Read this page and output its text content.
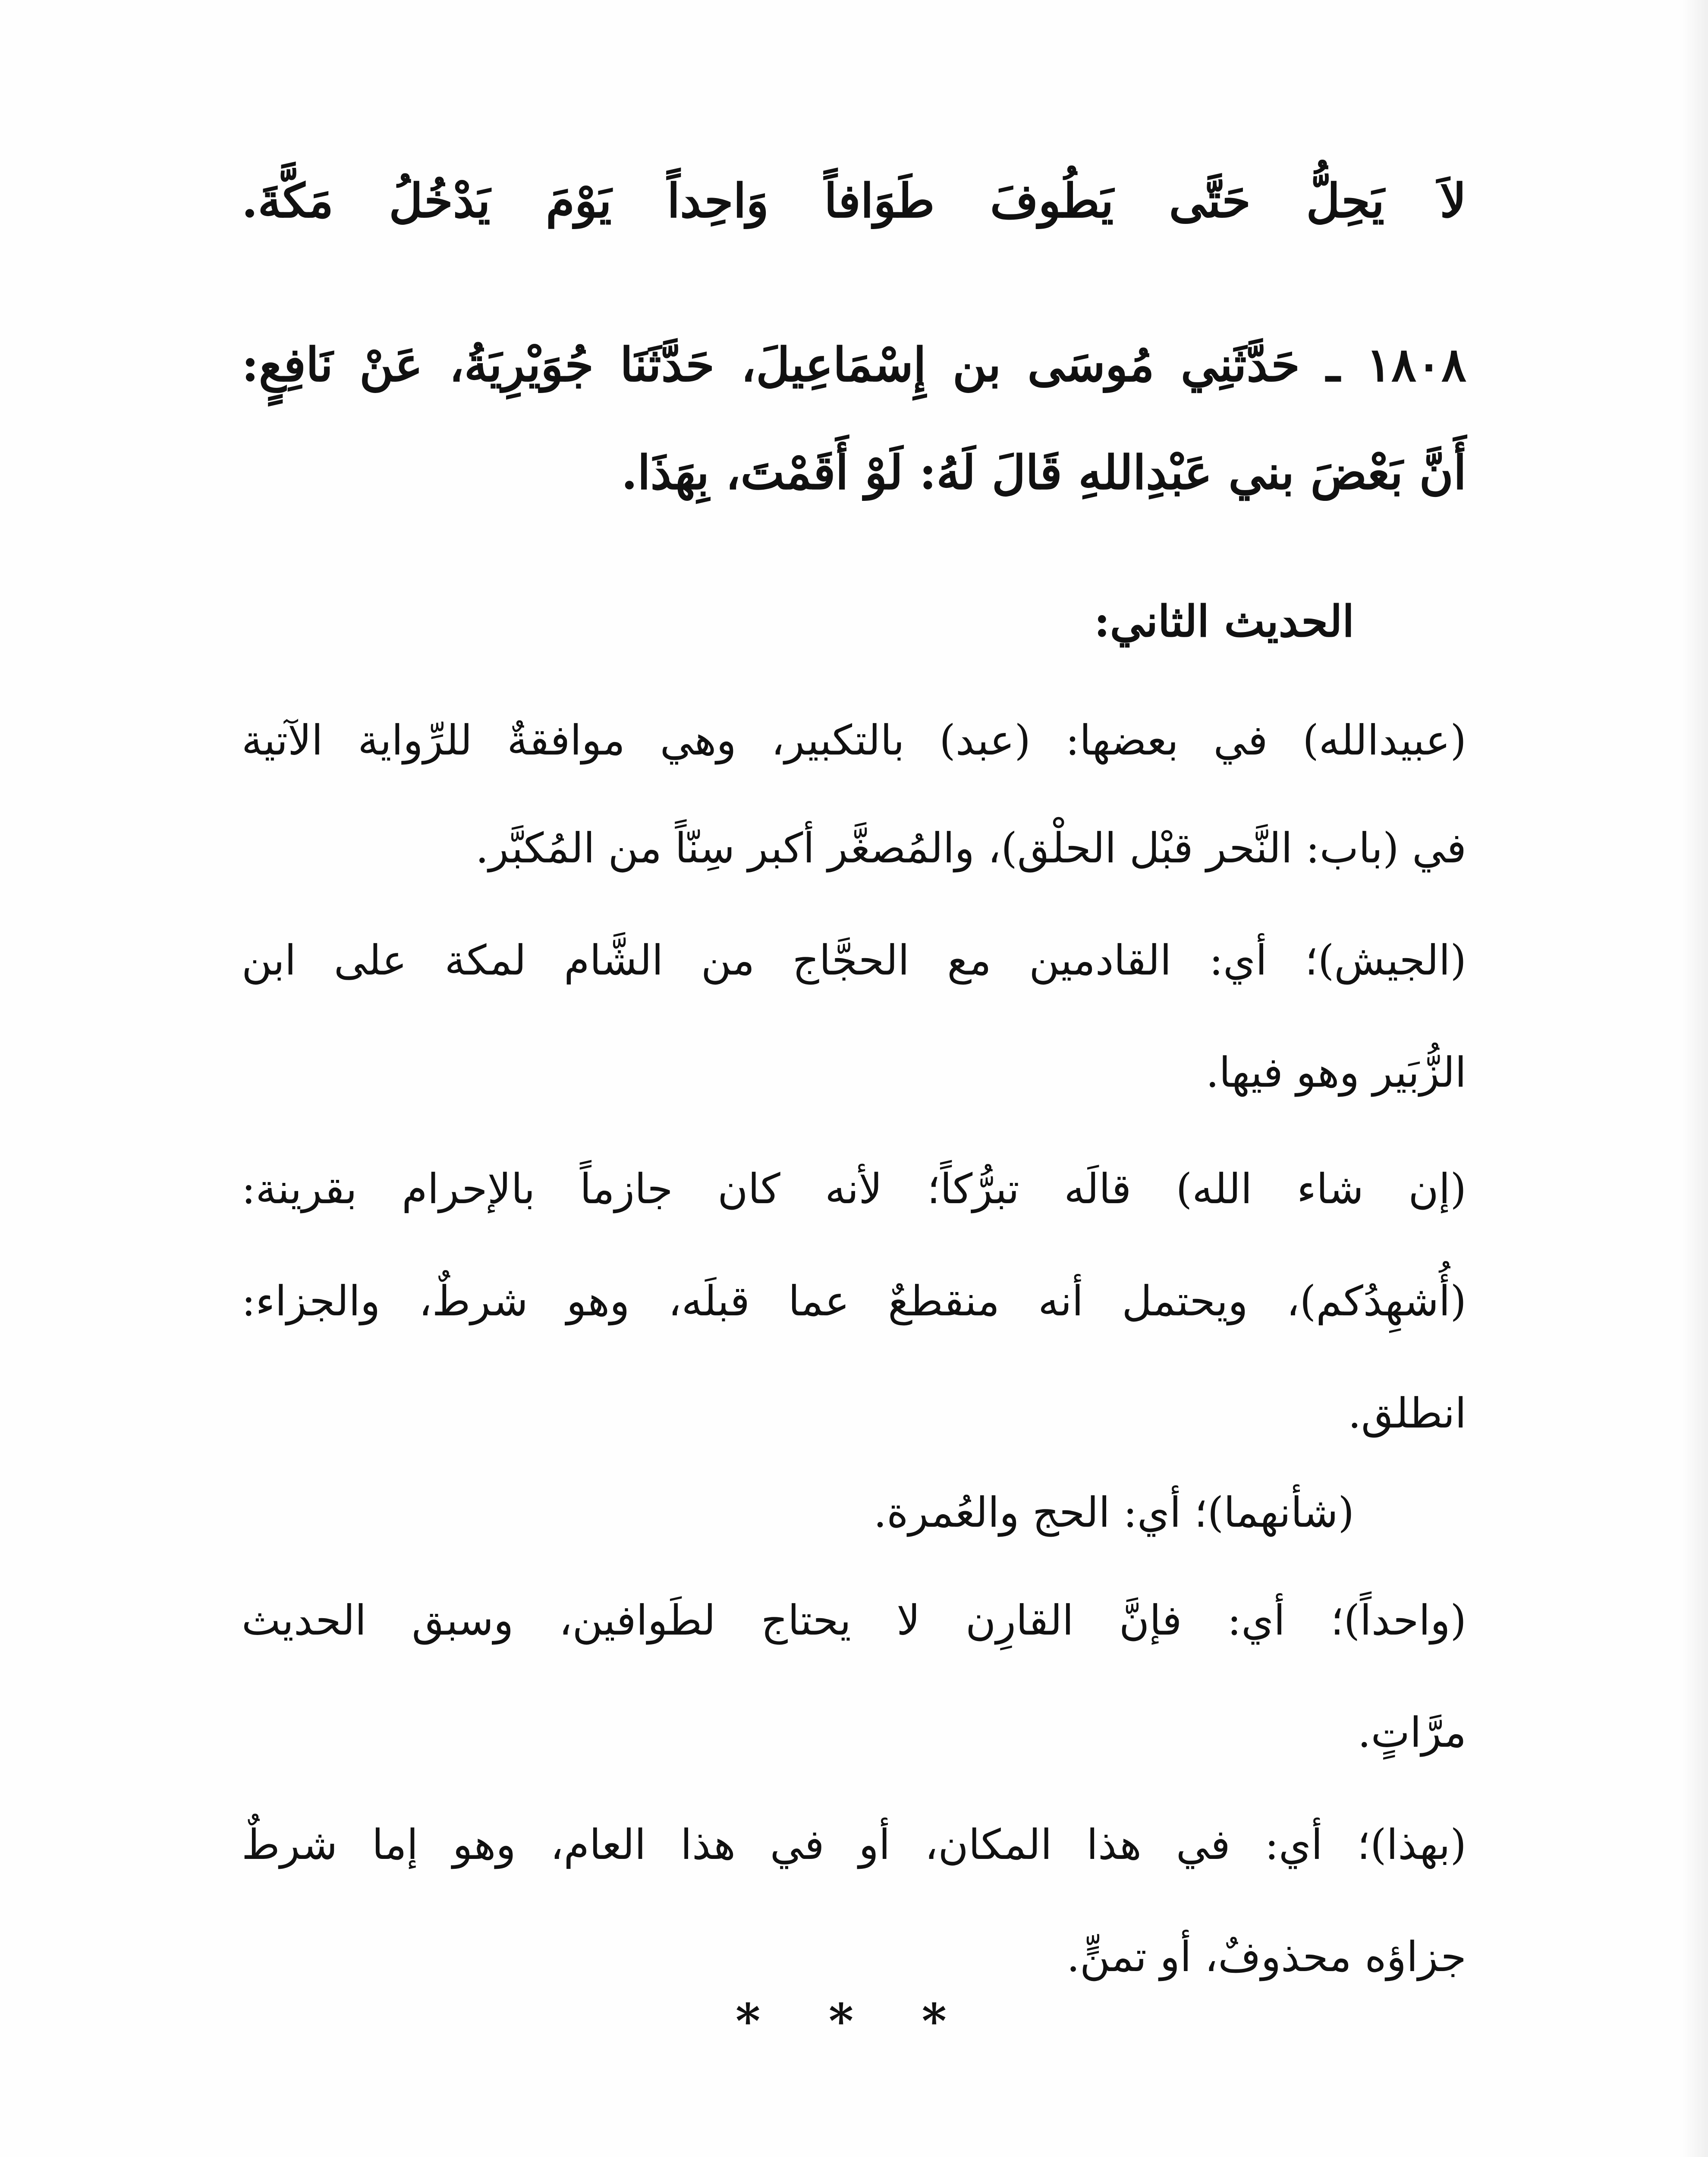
لاَ يَحِلُّ حَتَّى يَطُوفَ طَوَافاً وَاحِداً يَوْمَ يَدْخُلُ مَكَّةَ.
١٨٠٨ ـ حَدَّثَنِي مُوسَى بن إِسْمَاعِيلَ، حَدَّثَنَا جُوَيْرِيَةُ، عَنْ نَافِعٍ:
أَنَّ بَعْضَ بني عَبْدِاللهِ قَالَ لَهُ: لَوْ أَقَمْتَ، بِهَذَا.
الحديث الثاني:
(عبيدالله) في بعضها: (عبد) بالتكبير، وهي موافقةٌ للرِّواية الآتية
في (باب: النَّحر قبْل الحلْق)، والمُصغَّر أكبر سِنّاً من المُكبَّر.
(الجيش)؛ أي: القادمين مع الحجَّاج من الشَّام لمكة على ابن
الزُّبَير وهو فيها.
(إن شاء الله) قالَه تبرُّكاً؛ لأنه كان جازماً بالإحرام بقرينة:
(أُشهِدُكم)، ويحتمل أنه منقطعٌ عما قبلَه، وهو شرطٌ، والجزاء:
انطلق.
(شأنهما)؛ أي: الحج والعُمرة.
(واحداً)؛ أي: فإنَّ القارِن لا يحتاج لطَوافين، وسبق الحديث
مرَّاتٍ.
(بهذا)؛ أي: في هذا المكان، أو في هذا العام، وهو إما شرطٌ
جزاؤه محذوفٌ، أو تمنٍّ.
* * *
